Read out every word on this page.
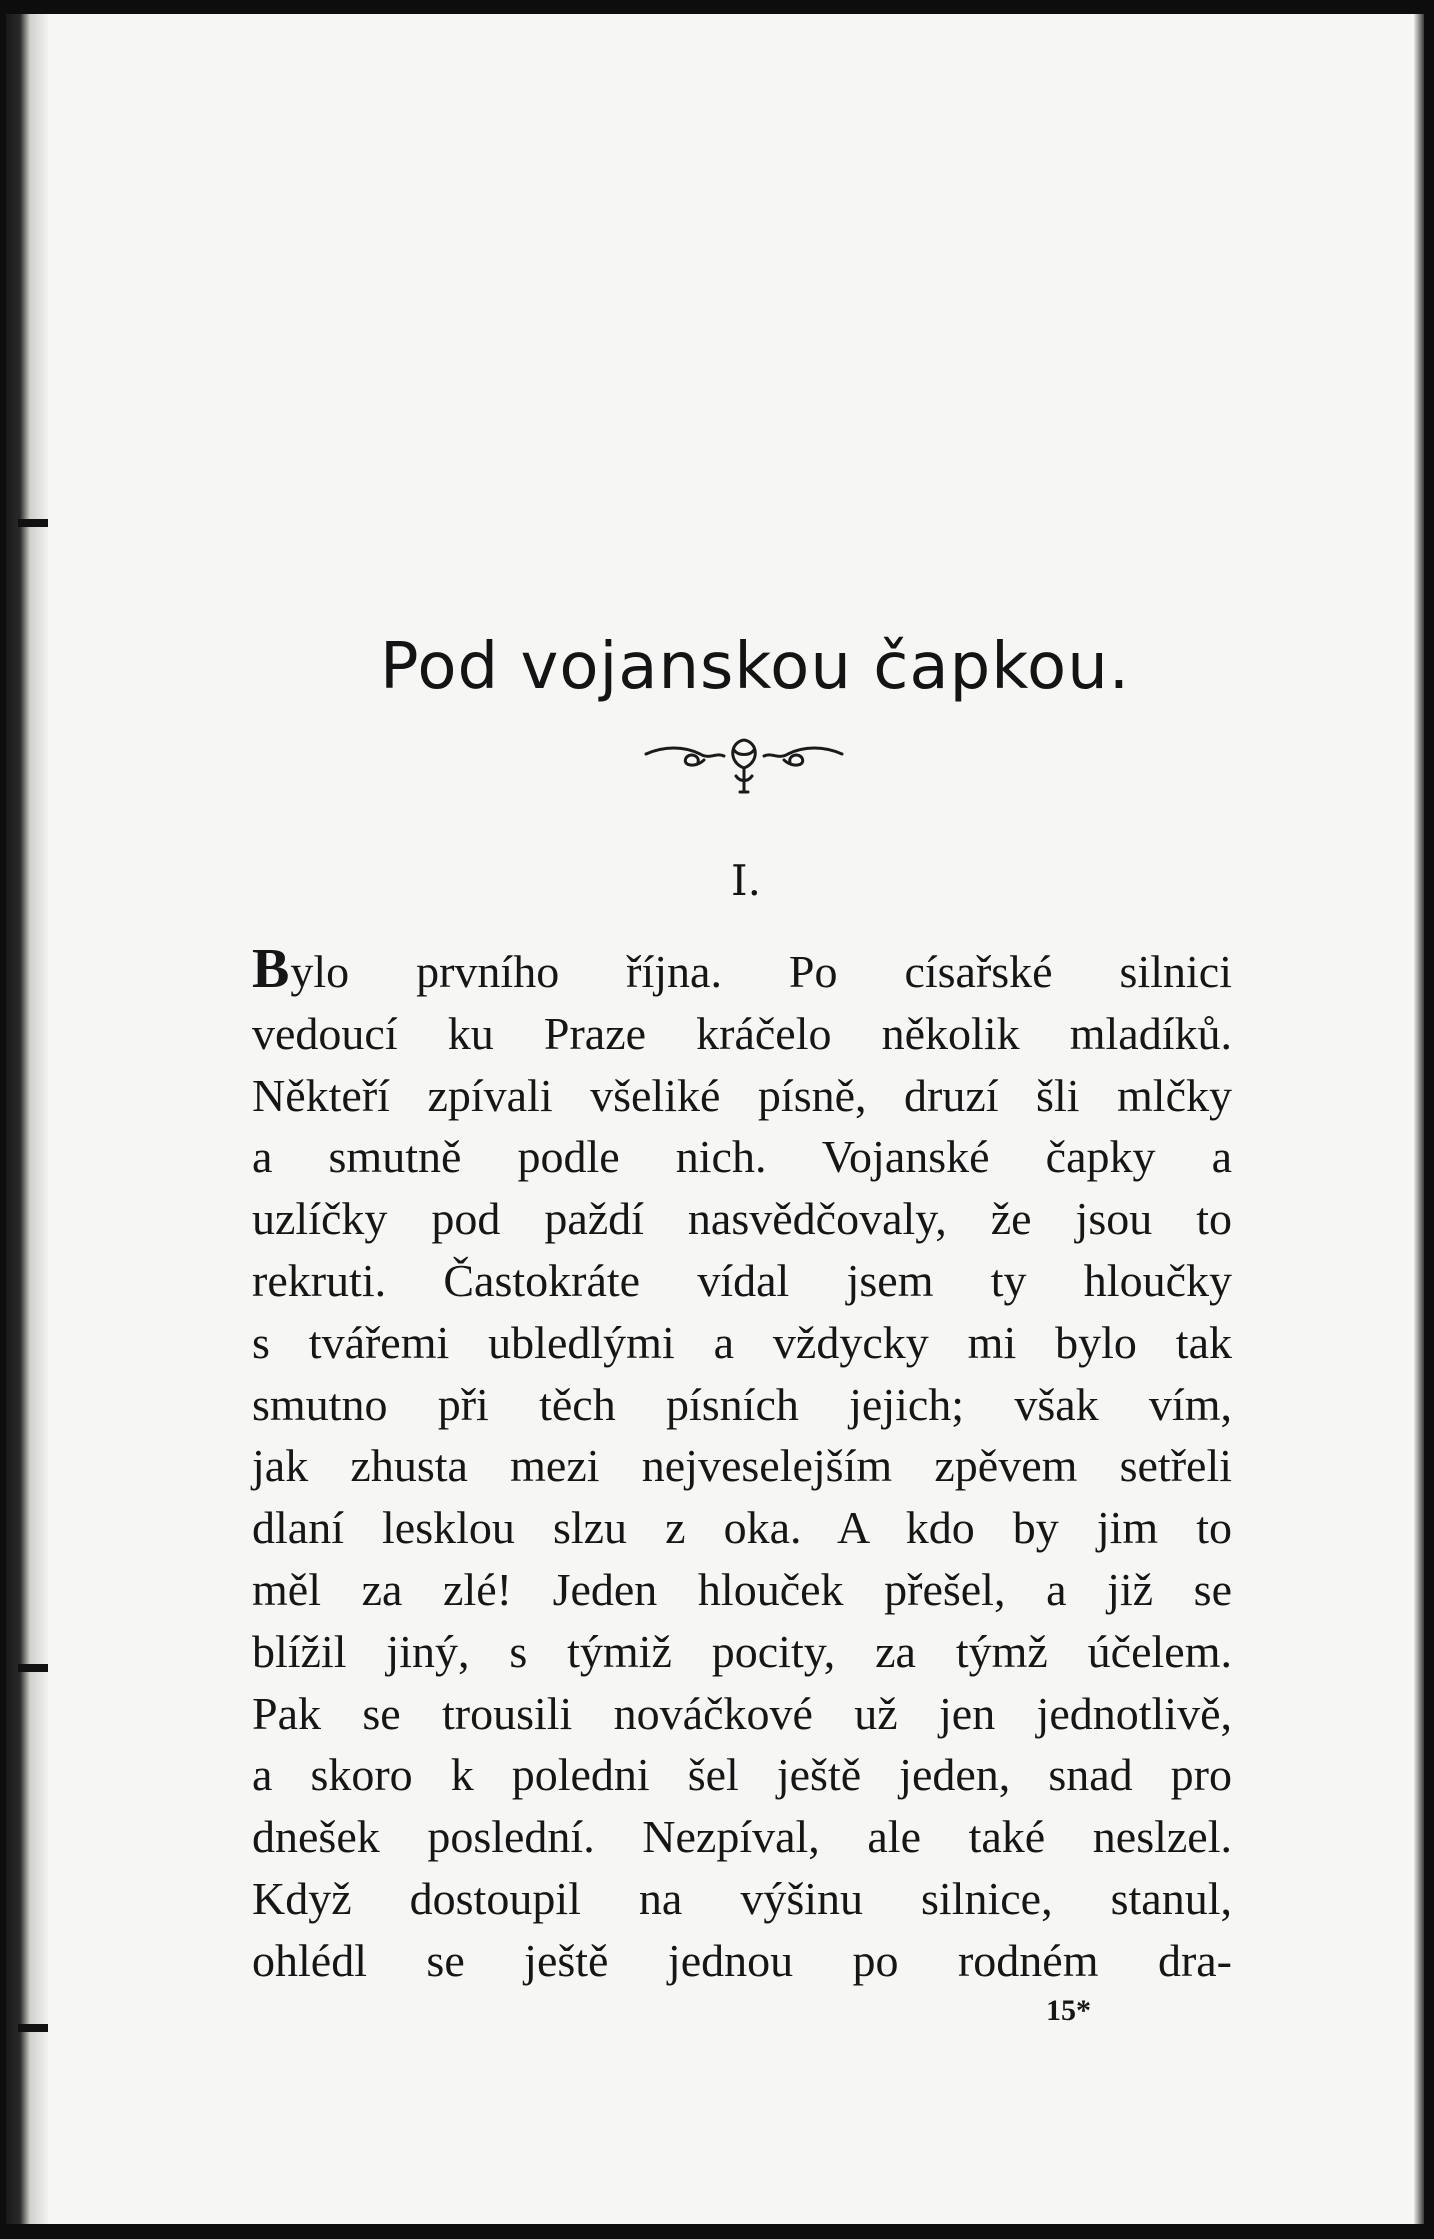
Pod vojanskou čapkou.
I.
Bylo prvního října. Po císařské silnici
vedoucí ku Praze kráčelo několik mladíků.
Někteří zpívali všeliké písně, druzí šli mlčky
a smutně podle nich. Vojanské čapky a
uzlíčky pod paždí nasvědčovaly, že jsou to
rekruti. Častokráte vídal jsem ty hloučky
s tvářemi ubledlými a vždycky mi bylo tak
smutno při těch písních jejich; však vím,
jak zhusta mezi nejveselejším zpěvem setřeli
dlaní lesklou slzu z oka. A kdo by jim to
měl za zlé! Jeden hlouček přešel, a již se
blížil jiný, s týmiž pocity, za týmž účelem.
Pak se trousili nováčkové už jen jednotlivě,
a skoro k poledni šel ještě jeden, snad pro
dnešek poslední. Nezpíval, ale také neslzel.
Když dostoupil na výšinu silnice, stanul,
ohlédl se ještě jednou po rodném dra-
15*
